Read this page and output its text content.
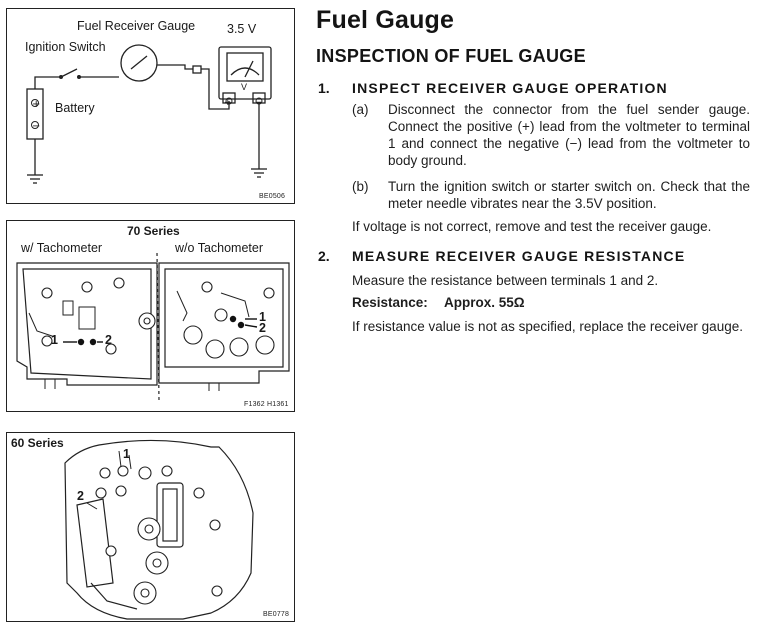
+
−
+	−
Fuel Receiver Gauge	3.5 V
Ignition Switch
Battery
V
BE0506
70 Series
w/ Tachometer	w/o Tachometer
1	2
1
2
F1362 H1361
60 Series
1
2
BE0778
Fuel Gauge
INSPECTION OF FUEL GAUGE
1. INSPECT RECEIVER GAUGE OPERATION
(a) Disconnect the connector from the fuel sender gauge. Connect the positive (+) lead from the voltmeter to terminal 1 and connect the negative (−) lead from the voltmeter to body ground.
(b) Turn the ignition switch or starter switch on. Check that the meter needle vibrates near the 3.5V position.
If voltage is not correct, remove and test the receiver gauge.
2. MEASURE RECEIVER GAUGE RESISTANCE
Measure the resistance between terminals 1 and 2.
Resistance:	Approx. 55Ω
If resistance value is not as specified, replace the receiver gauge.
